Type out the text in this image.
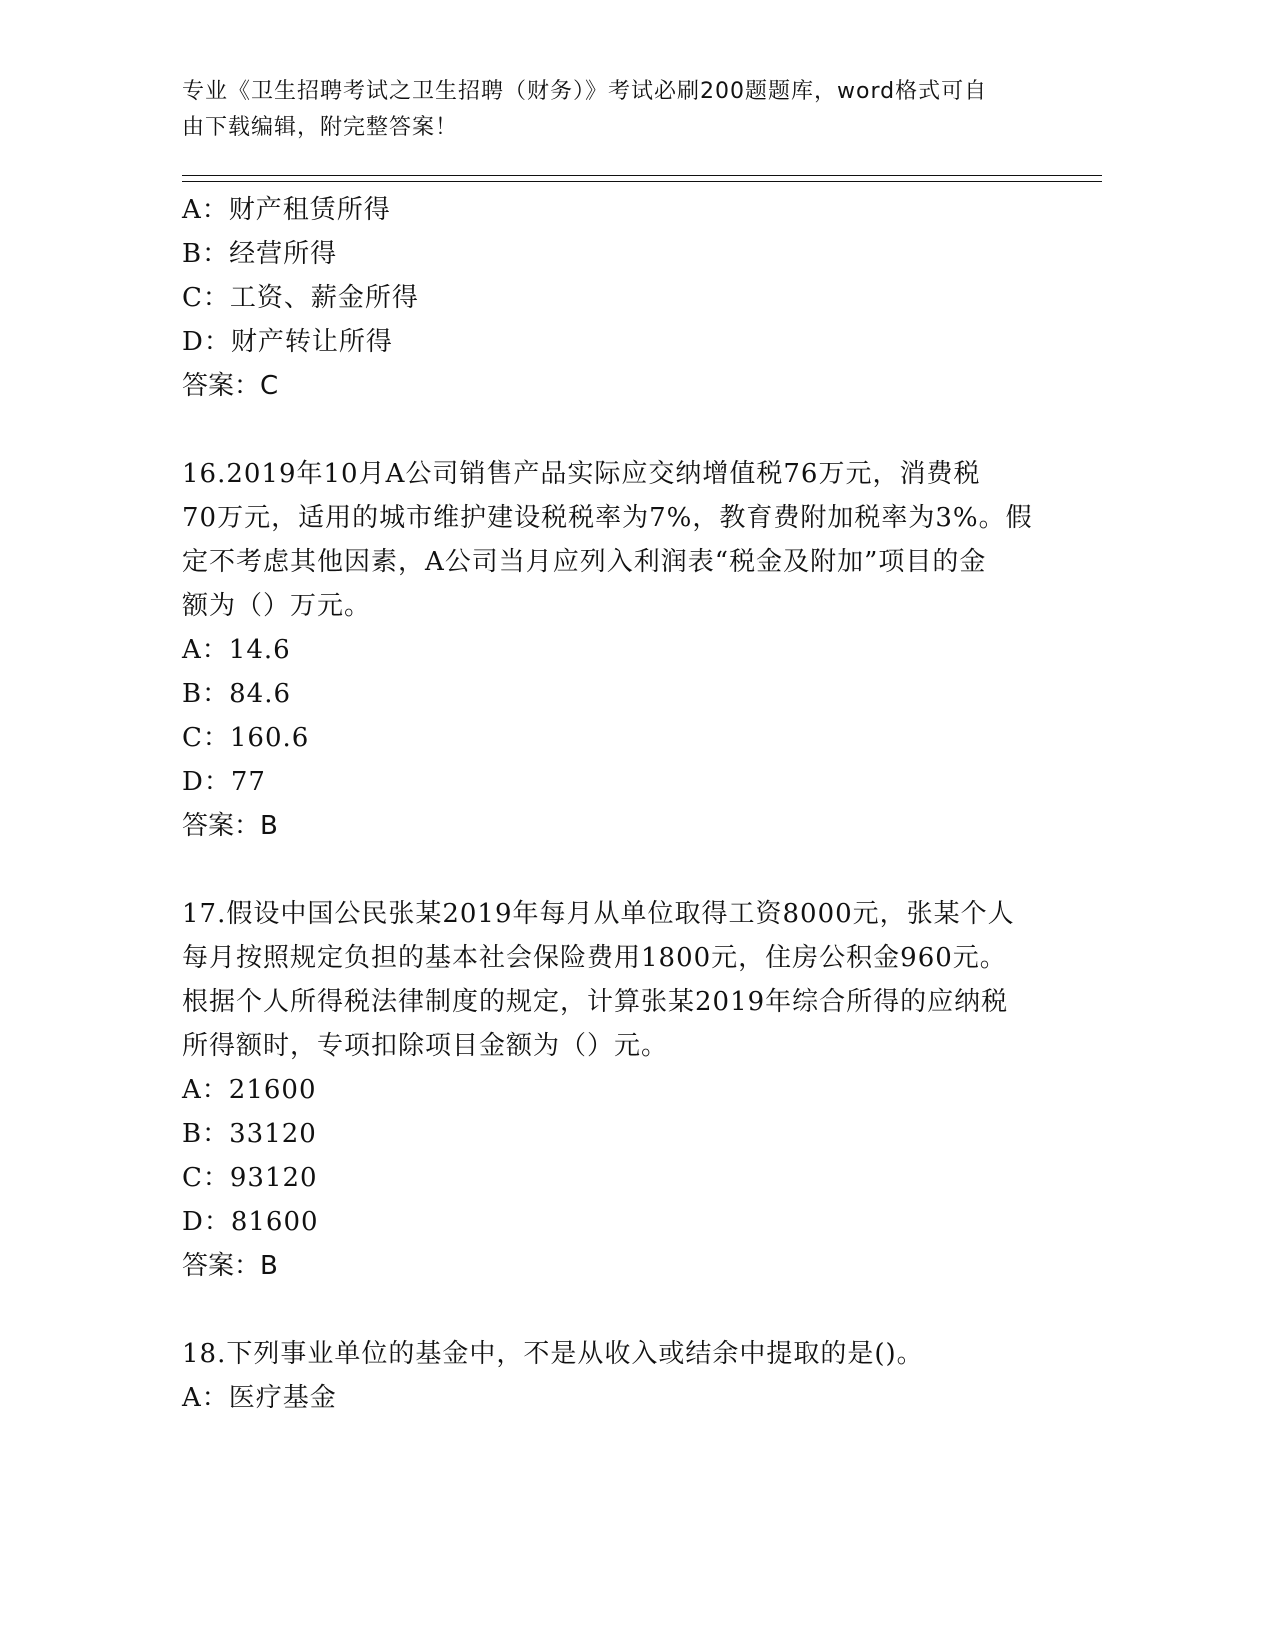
专业《卫生招聘考试之卫生招聘（财务）》考试必刷200题题库，word格式可自
由下载编辑，附完整答案！
A：财产租赁所得
B：经营所得
C：工资、薪金所得
D：财产转让所得
答案：C
16.2019年10月A公司销售产品实际应交纳增值税76万元，消费税
70万元，适用的城市维护建设税税率为7%，教育费附加税率为3%。假
定不考虑其他因素，A公司当月应列入利润表“税金及附加”项目的金
额为（）万元。
A：14.6
B：84.6
C：160.6
D：77
答案：B
17.假设中国公民张某2019年每月从单位取得工资8000元，张某个人
每月按照规定负担的基本社会保险费用1800元，住房公积金960元。
根据个人所得税法律制度的规定，计算张某2019年综合所得的应纳税
所得额时，专项扣除项目金额为（）元。
A：21600
B：33120
C：93120
D：81600
答案：B
18.下列事业单位的基金中，不是从收入或结余中提取的是()。
A：医疗基金
